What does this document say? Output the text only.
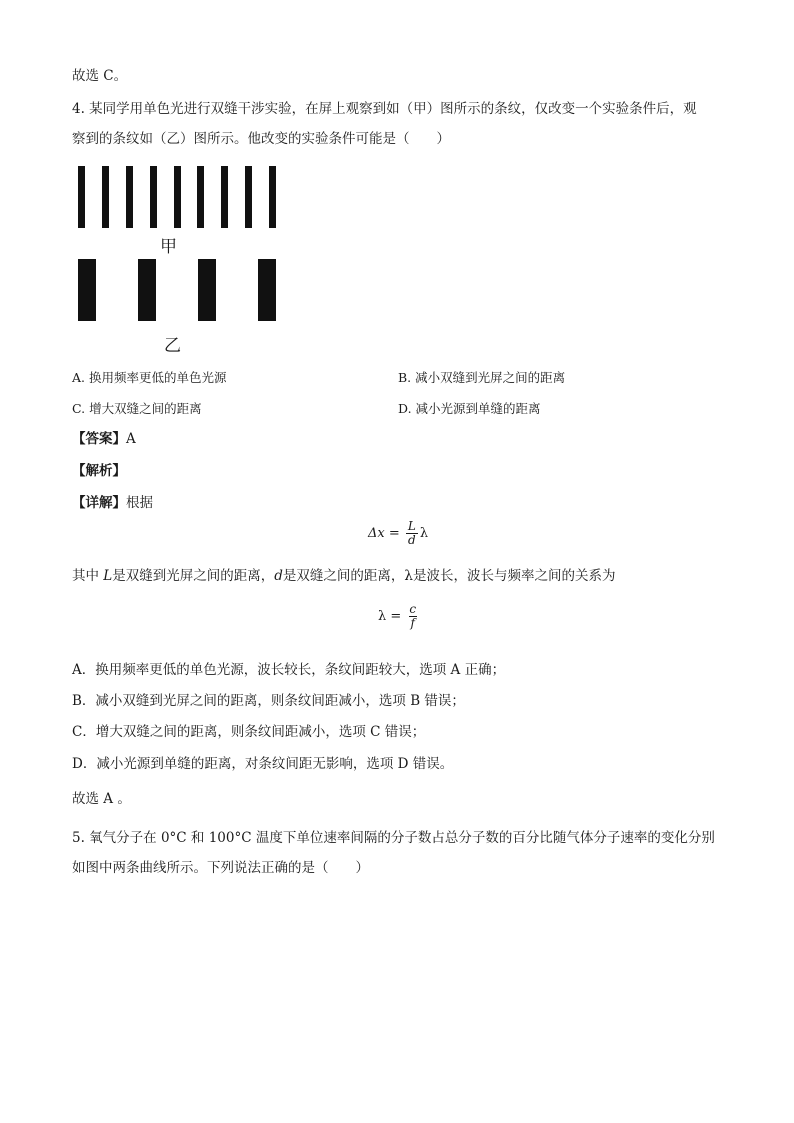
故选 C。
4. 某同学用单色光进行双缝干涉实验，在屏上观察到如（甲）图所示的条纹，仅改变一个实验条件后，观
察到的条纹如（乙）图所示。他改变的实验条件可能是（　　）
甲
乙
A. 换用频率更低的单色光源	B. 减小双缝到光屏之间的距离
C. 增大双缝之间的距离	D. 减小光源到单缝的距离
【答案】A
【解析】
【详解】根据
$\Delta x = \frac{L}{d}$ λ
其中 L是双缝到光屏之间的距离，d是双缝之间的距离，λ是波长，波长与频率之间的关系为
$\lambda = \frac{c}{f}$
A．换用频率更低的单色光源，波长较长，条纹间距较大，选项 A 正确；
B．减小双缝到光屏之间的距离，则条纹间距减小，选项 B 错误；
C．增大双缝之间的距离，则条纹间距减小，选项 C 错误；
D．减小光源到单缝的距离，对条纹间距无影响，选项 D 错误。
故选 A 。
5. 氧气分子在 0°C 和 100°C 温度下单位速率间隔的分子数占总分子数的百分比随气体分子速率的变化分别
如图中两条曲线所示。下列说法正确的是（　　）
